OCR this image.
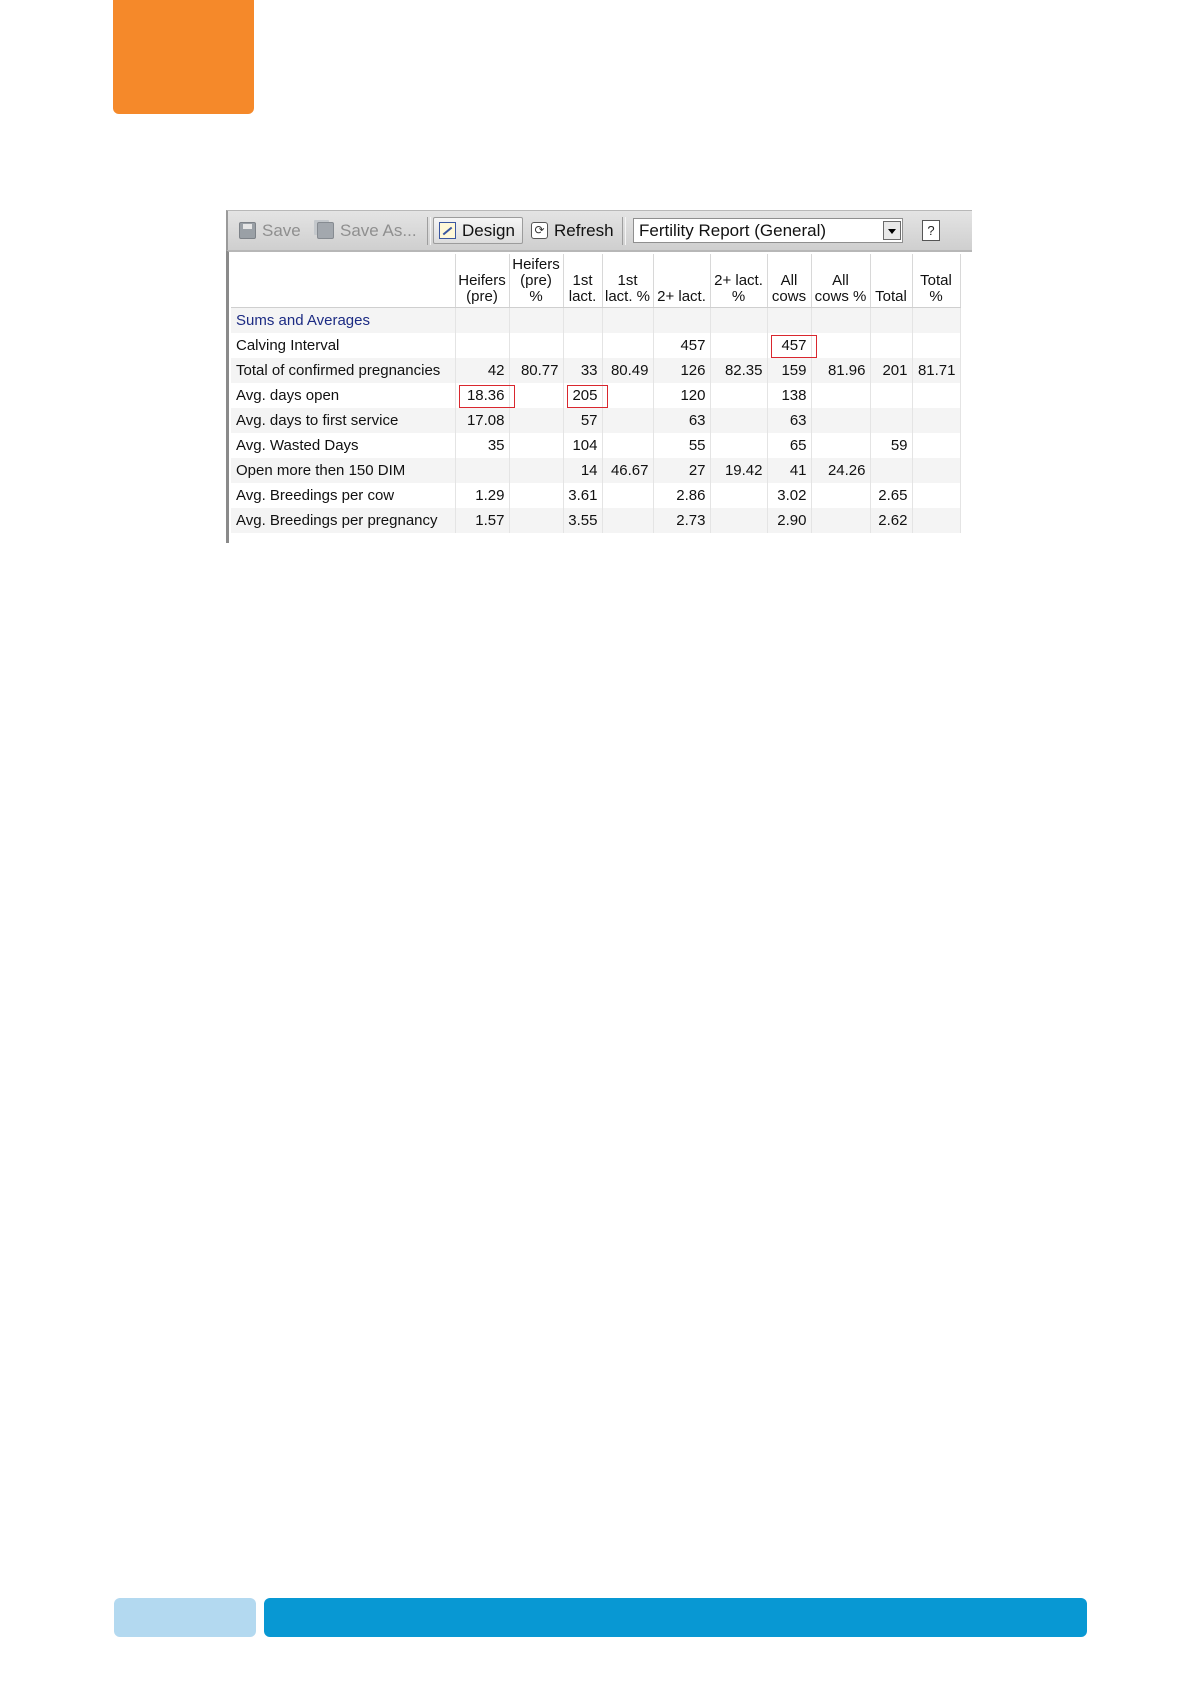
Save Save As...	Design ⟳ Refresh Fertility Report (General)	?
	Heifers (pre)	Heifers (pre) %	1st lact.	1st lact. %	2+ lact.	2+ lact. %	All cows	All cows %	Total	Total %
Sums and Averages										
Calving Interval					457		457			
Total of confirmed pregnancies	42	80.77	33	80.49	126	82.35	159	81.96	201	81.71
Avg. days open	18.36		205		120		138			
Avg. days to first service	17.08		57		63		63			
Avg. Wasted Days	35		104		55		65		59	
Open more then 150 DIM			14	46.67	27	19.42	41	24.26		
Avg. Breedings per cow	1.29		3.61		2.86		3.02		2.65	
Avg. Breedings per pregnancy	1.57		3.55		2.73		2.90		2.62	
